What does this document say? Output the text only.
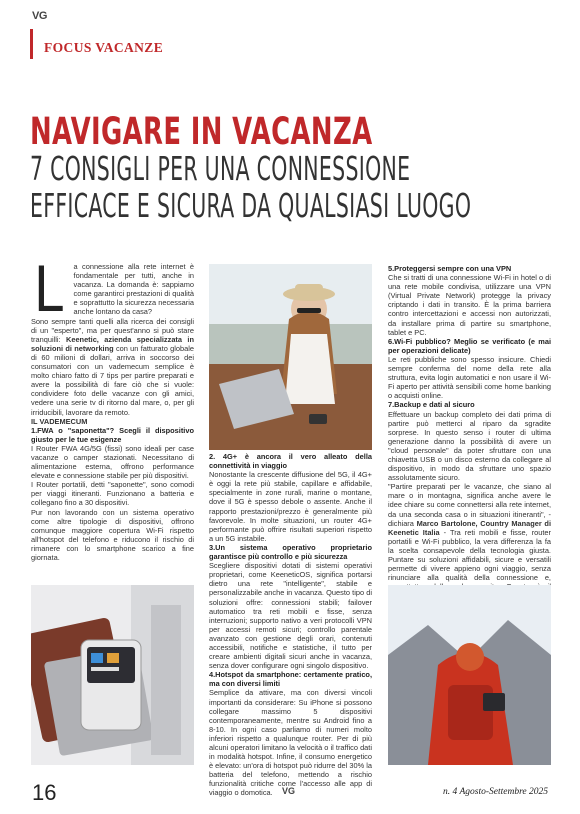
VG
FOCUS VACANZE
NAVIGARE IN VACANZA
7 CONSIGLI PER UNA CONNESSIONE
EFFICACE E SICURA DA QUALSIASI LUOGO

L a connessione alla rete internet è fondamentale per tutti, anche in vacanza. La domanda è: sappiamo come garantirci prestazioni di qualità e soprattutto la sicurezza necessaria anche lontano da casa?

Sono sempre tanti quelli alla ricerca dei consigli di un "esperto", ma per quest'anno si può stare tranquilli: Keenetic, azienda specializzata in soluzioni di networking con un fatturato globale di 60 milioni di dollari, arriva in soccorso dei consumatori con un vademecum semplice è molto chiaro fatto di 7 tips per partire preparati e avere la possibilità di fare ciò che si vuole: condividere foto delle vacanze con gli amici, vedere una serie tv di ritorno dal mare, o, per gli irriducibili, lavorare da remoto.

IL VADEMECUM

1.FWA o "saponetta"? Scegli il dispositivo giusto per le tue esigenze

I Router FWA 4G/5G (fissi) sono ideali per case vacanze o camper stazionati. Necessitano di alimentazione esterna, offrono performance elevate e connessione stabile per più dispositivi.
I Router portatili, detti "saponette", sono comodi per viaggi itineranti. Funzionano a batteria e collegano fino a 30 dispositivi.
Pur non lavorando con un sistema operativo come altre tipologie di dispositivi, offrono comunque maggiore copertura Wi-Fi rispetto all'hotspot del telefono e riducono il rischio di rimanere con lo smartphone scarico a fine giornata.

2. 4G+ è ancora il vero alleato della connettività in viaggio

Nonostante la crescente diffusione del 5G, il 4G+ è oggi la rete più stabile, capillare e affidabile, specialmente in zone rurali, marine o montane, dove il 5G è spesso debole o assente. Anche il rapporto prestazioni/prezzo è generalmente più favorevole. In molte situazioni, un router 4G+ performante può offrire risultati superiori rispetto a un 5G instabile.

3.Un sistema operativo proprietario garantisce più controllo e più sicurezza

Scegliere dispositivi dotati di sistemi operativi proprietari, come KeeneticOS, significa portarsi dietro una rete "intelligente", stabile e personalizzabile anche in vacanza. Questo tipo di soluzioni offre: connessioni stabili; failover automatico tra reti mobili e fisse, senza interruzioni; supporto nativo a veri protocolli VPN per accessi remoti sicuri; controllo parentale avanzato con gestione degli orari, contenuti accessibili, notifiche e statistiche, il tutto per creare ambienti digitali sicuri anche in vacanza, senza dover configurare ogni singolo dispositivo.

4.Hotspot da smartphone: certamente pratico, ma con diversi limiti

Semplice da attivare, ma con diversi vincoli importanti da considerare: Su iPhone si possono collegare massimo 5 dispositivi contemporaneamente, mentre su Android fino a 8-10. In ogni caso parliamo di numeri molto inferiori rispetto a qualunque router. Per di più alcuni operatori limitano la velocità o il traffico dati in modalità hotspot. Infine, il consumo energetico è elevato: un'ora di hotspot può ridurre del 30% la batteria del telefono, mettendo a rischio funzionalità critiche come l'accesso alle app di viaggio o domotica.

5.Proteggersi sempre con una VPN

Che si tratti di una connessione Wi-Fi in hotel o di una rete mobile condivisa, utilizzare una VPN (Virtual Private Network) protegge la privacy criptando i dati in transito. È la prima barriera contro intercettazioni e accessi non autorizzati, da installare prima di partire su smartphone, tablet e PC.

6.Wi-Fi pubblico? Meglio se verificato (e mai per operazioni delicate)

Le reti pubbliche sono spesso insicure. Chiedi sempre conferma del nome della rete alla struttura, evita login automatici e non usare il Wi-Fi aperto per attività sensibili come home banking o acquisti online.

7.Backup e dati al sicuro

Effettuare un backup completo dei dati prima di partire può metterci al riparo da sgradite sorprese. In questo senso i router di ultima generazione danno la possibilità di avere un "cloud personale" da poter sfruttare con una chiavetta USB o un disco esterno da collegare al dispositivo, in modo da sfruttare uno spazio assolutamente sicuro.

"Partire preparati per le vacanze, che siano al mare o in montagna, significa anche avere le idee chiare su come connettersi alla rete internet, da una seconda casa o in situazioni itineranti", - dichiara Marco Bartolone, Country Manager di Keenetic Italia - Tra reti mobili e fisse, router portatili e Wi-Fi pubblico, la vera differenza la fa la scelta consapevole della tecnologia giusta. Puntare su soluzioni affidabili, sicure e versatili permette di vivere appieno ogni viaggio, senza rinunciare alla qualità della connessione e,

16	VG	n. 4 Agosto-Settembre 2025
